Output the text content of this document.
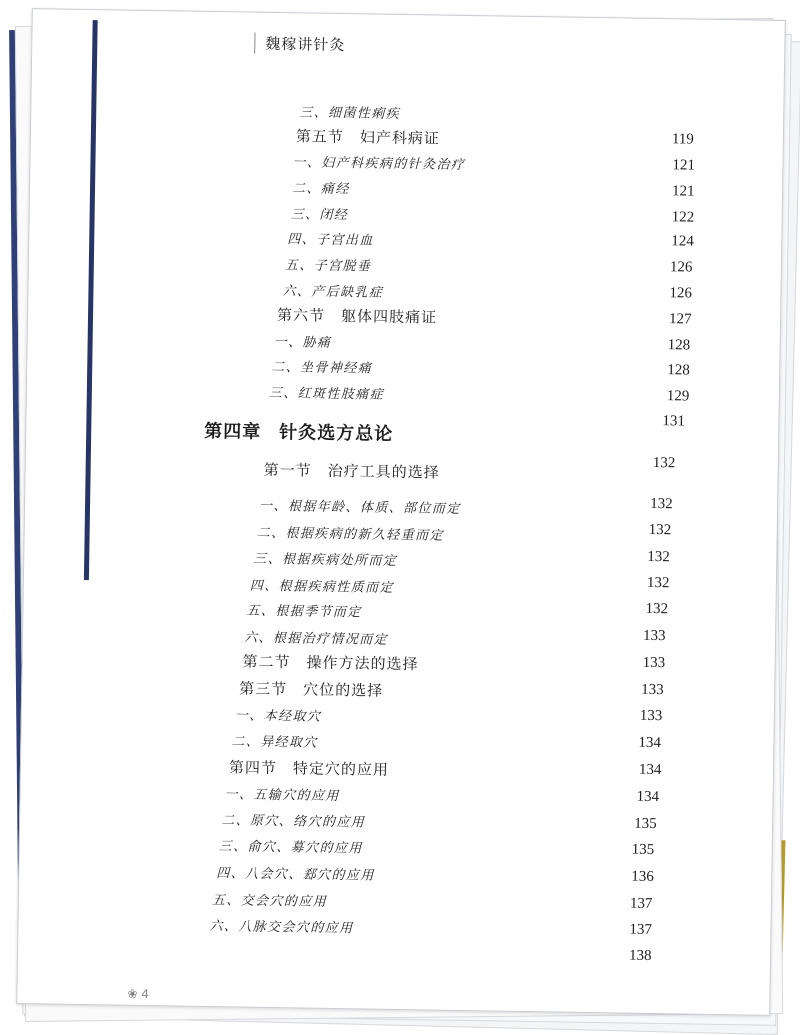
魏稼讲针灸
三、细菌性痢疾
第五节 妇产科病证	119
一、妇产科疾病的针灸治疗	121
二、痛经	121
三、闭经	122
四、子宫出血	124
五、子宫脱垂	126
六、产后缺乳症	126
第六节 躯体四肢痛证	127
一、胁痛	128
二、坐骨神经痛	128
三、红斑性肢痛症	129
131
第四章 针灸选方总论
第一节 治疗工具的选择	132
一、根据年龄、体质、部位而定	132
二、根据疾病的新久轻重而定	132
三、根据疾病处所而定	132
四、根据疾病性质而定	132
五、根据季节而定	132
六、根据治疗情况而定	133
第二节 操作方法的选择	133
第三节 穴位的选择	133
一、本经取穴	133
二、异经取穴	134
第四节 特定穴的应用	134
一、五输穴的应用	134
二、原穴、络穴的应用	135
三、俞穴、募穴的应用	135
四、八会穴、郄穴的应用	136
五、交会穴的应用	137
六、八脉交会穴的应用	137
138
❀ 4
